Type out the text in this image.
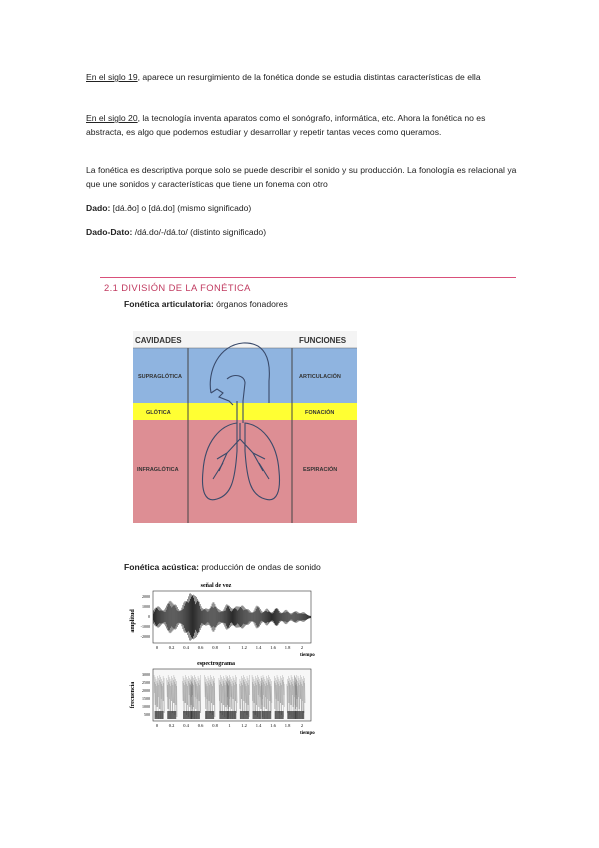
En el siglo 19, aparece un resurgimiento de la fonética donde se estudia distintas características de ella
En el siglo 20, la tecnología inventa aparatos como el sonógrafo, informática, etc. Ahora la fonética no es abstracta, es algo que podemos estudiar y desarrollar y repetir tantas veces como queramos.
La fonética es descriptiva porque solo se puede describir el sonido y su producción. La fonología es relacional ya que une sonidos y características que tiene un fonema con otro
Dado: [dá.ðo] o [dá.do] (mismo significado)
Dado-Dato: /dá.do/-/dá.to/ (distinto significado)
2.1 DIVISIÓN DE LA FONÉTICA
Fonética articulatoria: órganos fonadores
CAVIDADES	FUNCIONES
SUPRAGLÓTICA	ARTICULACIÓN
GLÓTICA	FONACIÓN
INFRAGLÓTICA	ESPIRACIÓN
Fonética acústica: producción de ondas de sonido
señal de voz
amplitud
2000
1000
0
-1000
-2000
0 0.2 0.4 0.6 0.8 1 1.2 1.4 1.6 1.8 2
tiempo
espectrograma
frecuencia
3000
2500
2000
1500
1000
500
0 0.2 0.4 0.6 0.8 1 1.2 1.4 1.6 1.8 2
tiempo
